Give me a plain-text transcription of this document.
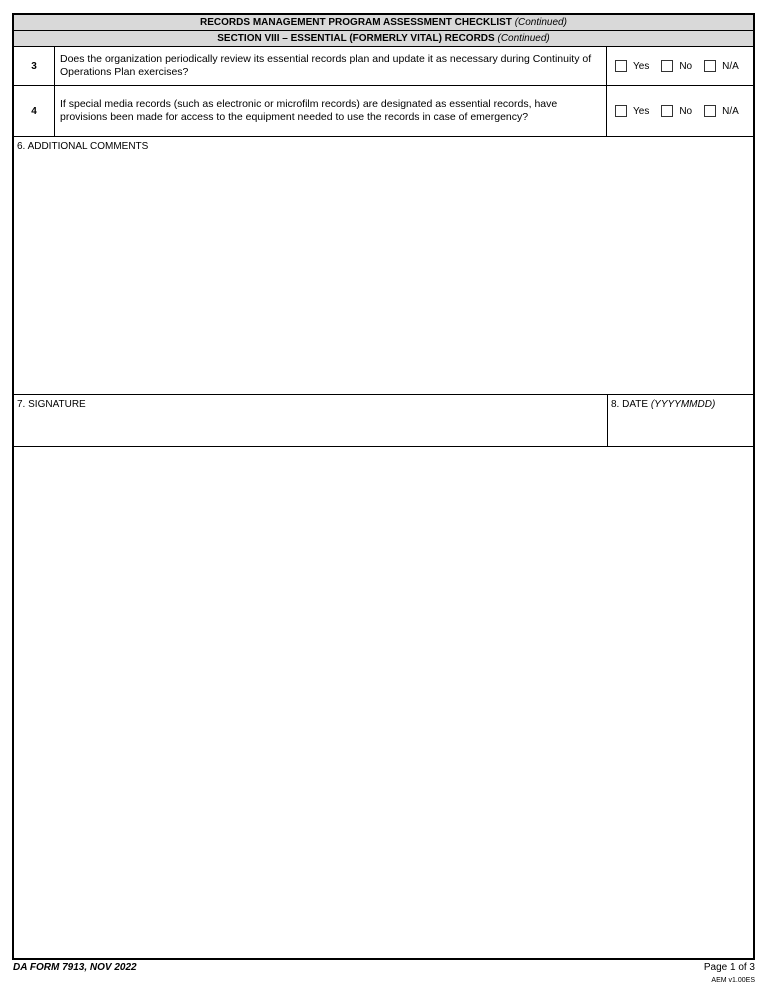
RECORDS MANAGEMENT PROGRAM ASSESSMENT CHECKLIST (Continued)
SECTION VIII – ESSENTIAL (FORMERLY VITAL) RECORDS (Continued)
3
Does the organization periodically review its essential records plan and update it as necessary during Continuity of Operations Plan exercises?	Yes	No	N/A
4
If special media records (such as electronic or microfilm records) are designated as essential records, have provisions been made for access to the equipment needed to use the records in case of emergency?	Yes	No	N/A
6. ADDITIONAL COMMENTS
7. SIGNATURE	8. DATE (YYYYMMDD)
DA FORM 7913, NOV 2022	Page 1 of 3
AEM v1.00ES
